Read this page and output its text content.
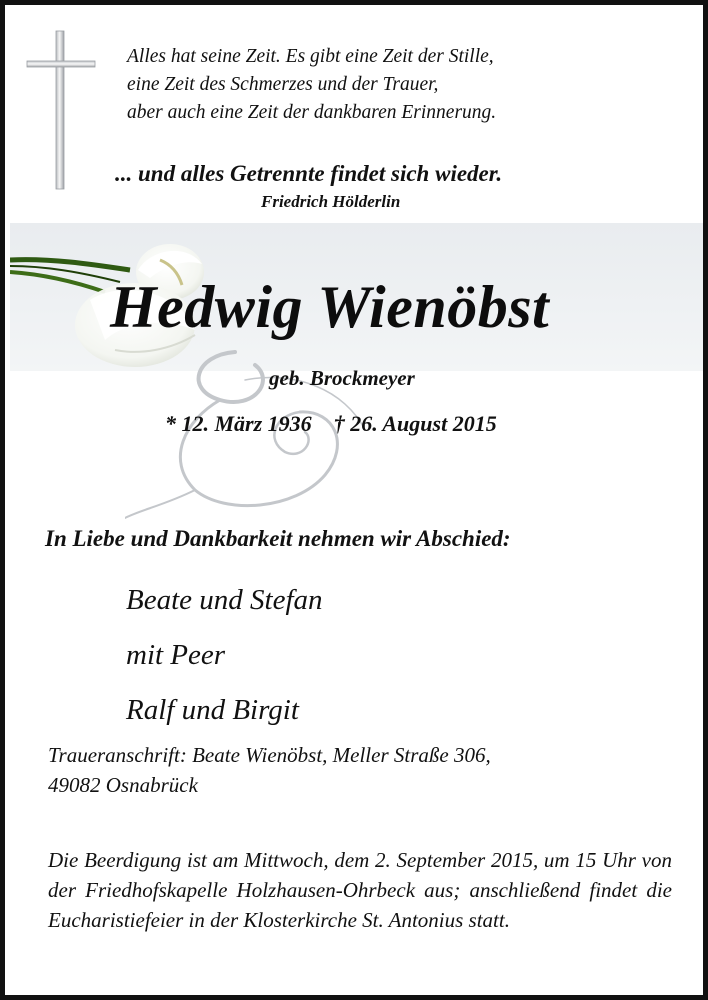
Alles hat seine Zeit. Es gibt eine Zeit der Stille,
eine Zeit des Schmerzes und der Trauer,
aber auch eine Zeit der dankbaren Erinnerung.
... und alles Getrennte findet sich wieder.
Friedrich Hölderlin
Hedwig Wienöbst
geb. Brockmeyer
* 12. März 1936 † 26. August 2015
In Liebe und Dankbarkeit nehmen wir Abschied:
Beate und Stefan
mit Peer
Ralf und Birgit
Traueranschrift: Beate Wienöbst, Meller Straße 306,
49082 Osnabrück
Die Beerdigung ist am Mittwoch, dem 2. September 2015, um 15 Uhr von der Friedhofskapelle Holzhausen-Ohrbeck aus; anschließend findet die Eucharistiefeier in der Klosterkirche St. Antonius statt.
